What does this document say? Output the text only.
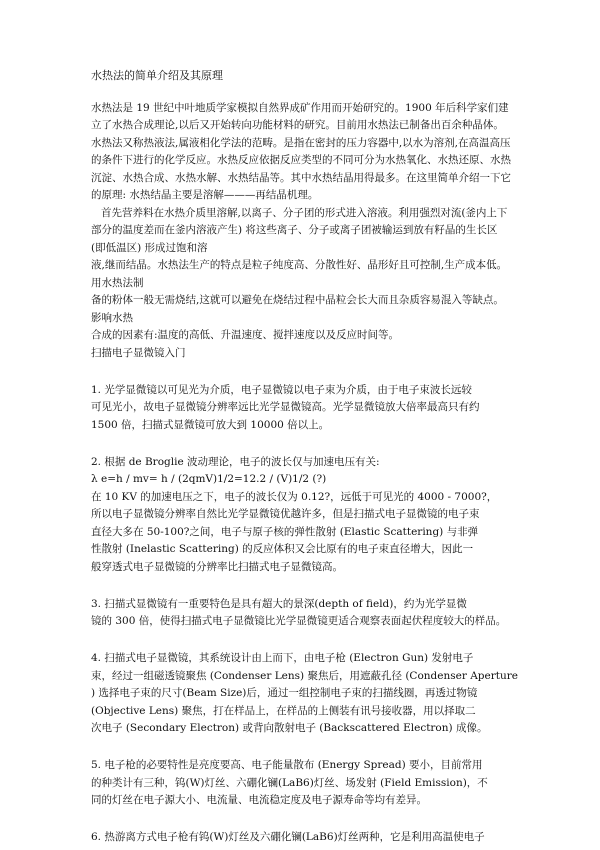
水热法的简单介绍及其原理
水热法是 19 世纪中叶地质学家模拟自然界成矿作用而开始研究的。1900 年后科学家们建
立了水热合成理论,以后又开始转向功能材料的研究。目前用水热法已制备出百余种晶体。
水热法又称热液法,属液相化学法的范畴。是指在密封的压力容器中,以水为溶剂,在高温高压
的条件下进行的化学反应。水热反应依据反应类型的不同可分为水热氧化、水热还原、水热
沉淀、水热合成、水热水解、水热结晶等。其中水热结晶用得最多。在这里简单介绍一下它
的原理: 水热结晶主要是溶解———再结晶机理。
首先营养料在水热介质里溶解,以离子、分子团的形式进入溶液。利用强烈对流(釜内上下
部分的温度差而在釜内溶液产生) 将这些离子、分子或离子团被输运到放有籽晶的生长区
(即低温区) 形成过饱和溶
液,继而结晶。水热法生产的特点是粒子纯度高、分散性好、晶形好且可控制,生产成本低。
用水热法制
备的粉体一般无需烧结,这就可以避免在烧结过程中晶粒会长大而且杂质容易混入等缺点。
影响水热
合成的因素有:温度的高低、升温速度、搅拌速度以及反应时间等。
扫描电子显微镜入门
1. 光学显微镜以可见光为介质，电子显微镜以电子束为介质，由于电子束波长远较
可见光小，故电子显微镜分辨率远比光学显微镜高。光学显微镜放大倍率最高只有约
1500 倍，扫描式显微镜可放大到 10000 倍以上。
2. 根据 de Broglie 波动理论，电子的波长仅与加速电压有关:
λ e=h / mv= h / (2qmV)1/2=12.2 / (V)1/2 (?)
在 10 KV 的加速电压之下，电子的波长仅为 0.12?，远低于可见光的 4000 - 7000?，
所以电子显微镜分辨率自然比光学显微镜优越许多，但是扫描式电子显微镜的电子束
直径大多在 50-100?之间，电子与原子核的弹性散射 (Elastic Scattering) 与非弹
性散射 (Inelastic Scattering) 的反应体积又会比原有的电子束直径增大，因此一
般穿透式电子显微镜的分辨率比扫描式电子显微镜高。
3. 扫描式显微镜有一重要特色是具有超大的景深(depth of field)，约为光学显微
镜的 300 倍，使得扫描式电子显微镜比光学显微镜更适合观察表面起伏程度较大的样品。
4. 扫描式电子显微镜，其系统设计由上而下，由电子枪 (Electron Gun) 发射电子
束，经过一组磁透镜聚焦 (Condenser Lens) 聚焦后，用遮蔽孔径 (Condenser Aperture
) 选择电子束的尺寸(Beam Size)后，通过一组控制电子束的扫描线圈，再透过物镜
(Objective Lens) 聚焦，打在样品上，在样品的上侧装有讯号接收器，用以择取二
次电子 (Secondary Electron) 或背向散射电子 (Backscattered Electron) 成像。
5. 电子枪的必要特性是亮度要高、电子能量散布 (Energy Spread) 要小，目前常用
的种类计有三种，钨(W)灯丝、六硼化镧(LaB6)灯丝、场发射 (Field Emission)，不
同的灯丝在电子源大小、电流量、电流稳定度及电子源寿命等均有差异。
6. 热游离方式电子枪有钨(W)灯丝及六硼化镧(LaB6)灯丝两种，它是利用高温使电子
